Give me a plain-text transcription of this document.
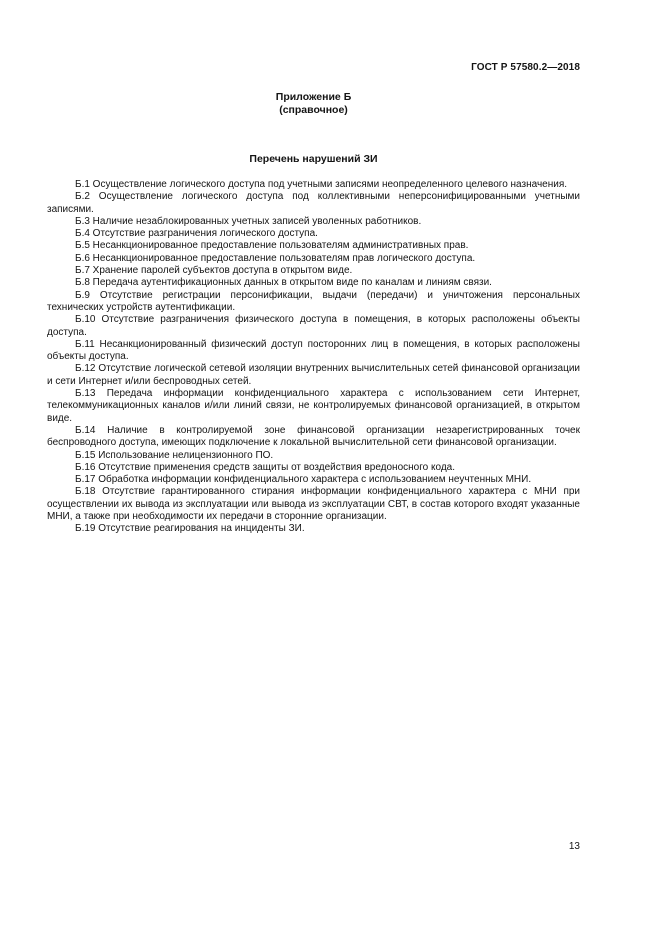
ГОСТ Р 57580.2—2018
Приложение Б
(справочное)
Перечень нарушений ЗИ

Б.1 Осуществление логического доступа под учетными записями неопределенного целевого назначения.

Б.2 Осуществление логического доступа под коллективными неперсонифицированными учетными записями.

Б.3 Наличие незаблокированных учетных записей уволенных работников.

Б.4 Отсутствие разграничения логического доступа.

Б.5 Несанкционированное предоставление пользователям административных прав.

Б.6 Несанкционированное предоставление пользователям прав логического доступа.

Б.7 Хранение паролей субъектов доступа в открытом виде.

Б.8 Передача аутентификационных данных в открытом виде по каналам и линиям связи.

Б.9 Отсутствие регистрации персонификации, выдачи (передачи) и уничтожения персональных технических устройств аутентификации.

Б.10 Отсутствие разграничения физического доступа в помещения, в которых расположены объекты доступа.

Б.11 Несанкционированный физический доступ посторонних лиц в помещения, в которых расположены объекты доступа.

Б.12 Отсутствие логической сетевой изоляции внутренних вычислительных сетей финансовой организации и сети Интернет и/или беспроводных сетей.

Б.13 Передача информации конфиденциального характера с использованием сети Интернет, телекоммуникационных каналов и/или линий связи, не контролируемых финансовой организацией, в открытом виде.

Б.14 Наличие в контролируемой зоне финансовой организации незарегистрированных точек беспроводного доступа, имеющих подключение к локальной вычислительной сети финансовой организации.

Б.15 Использование нелицензионного ПО.

Б.16 Отсутствие применения средств защиты от воздействия вредоносного кода.

Б.17 Обработка информации конфиденциального характера с использованием неучтенных МНИ.

Б.18 Отсутствие гарантированного стирания информации конфиденциального характера с МНИ при осуществлении их вывода из эксплуатации или вывода из эксплуатации СВТ, в состав которого входят указанные МНИ, а также при необходимости их передачи в сторонние организации.

Б.19 Отсутствие реагирования на инциденты ЗИ.

13
